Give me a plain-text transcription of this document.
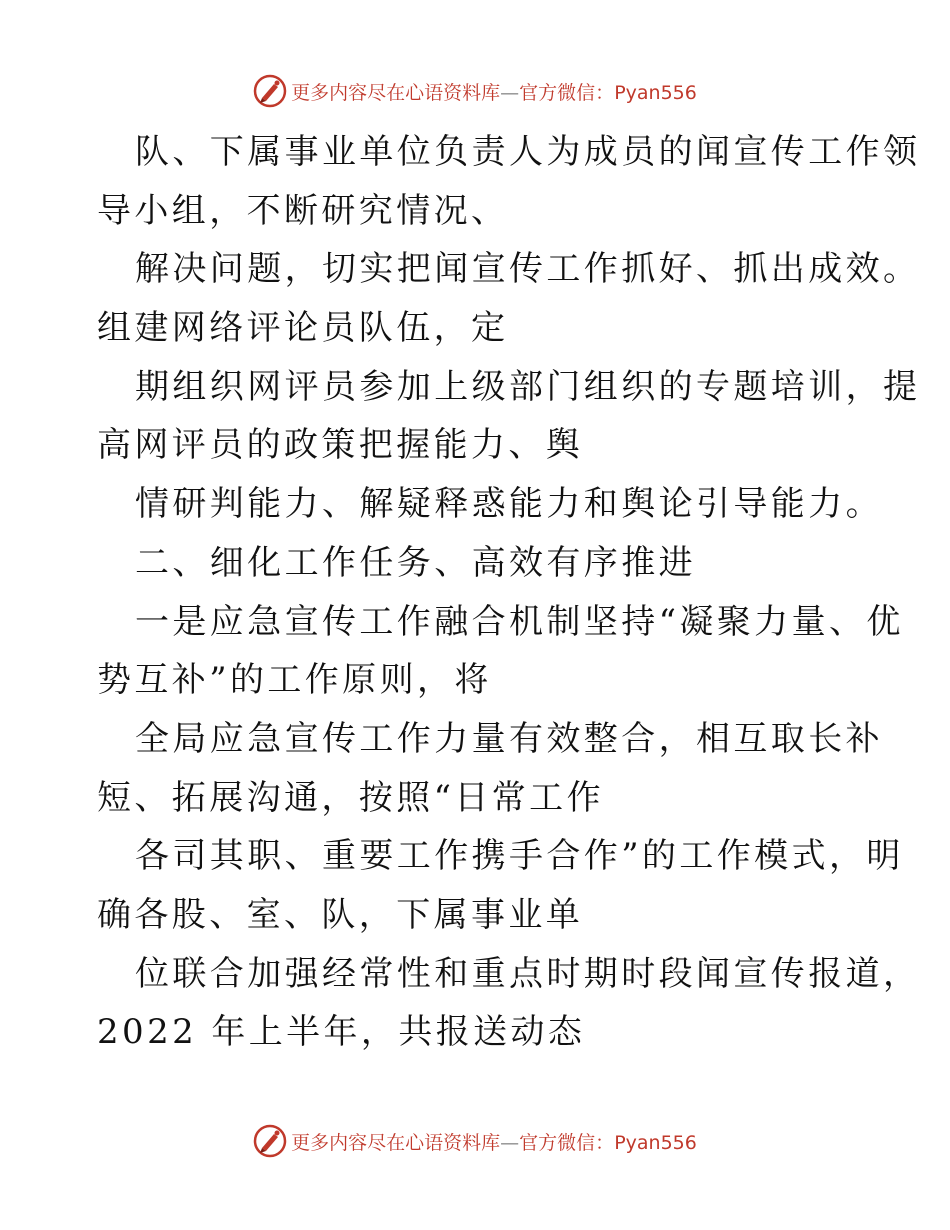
更多内容尽在心语资料库—官方微信：Pyan556
队、下属事业单位负责人为成员的闻宣传工作领
导小组，不断研究情况、
解决问题，切实把闻宣传工作抓好、抓出成效。
组建网络评论员队伍，定
期组织网评员参加上级部门组织的专题培训，提
高网评员的政策把握能力、舆
情研判能力、解疑释惑能力和舆论引导能力。
二、细化工作任务、高效有序推进
一是应急宣传工作融合机制坚持“凝聚力量、优
势互补”的工作原则，将
全局应急宣传工作力量有效整合，相互取长补
短、拓展沟通，按照“日常工作
各司其职、重要工作携手合作”的工作模式，明
确各股、室、队，下属事业单
位联合加强经常性和重点时期时段闻宣传报道，
2022 年上半年，共报送动态
更多内容尽在心语资料库—官方微信：Pyan556
